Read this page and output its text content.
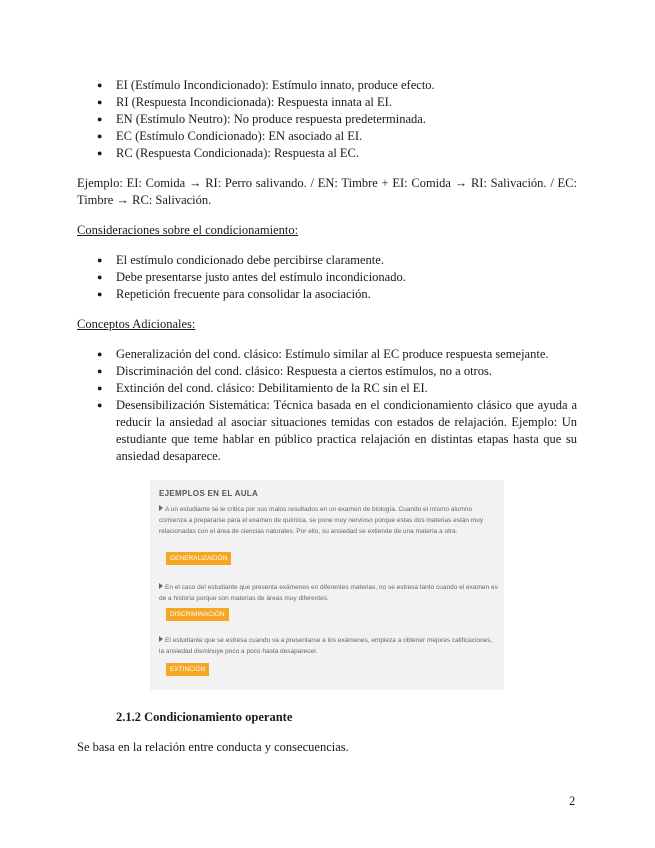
● EI (Estímulo Incondicionado): Estímulo innato, produce efecto.
● RI (Respuesta Incondicionada): Respuesta innata al EI.
● EN (Estímulo Neutro): No produce respuesta predeterminada.
● EC (Estímulo Condicionado): EN asociado al EI.
● RC (Respuesta Condicionada): Respuesta al EC.
Ejemplo: EI: Comida → RI: Perro salivando. / EN: Timbre + EI: Comida → RI: Salivación. / EC: Timbre → RC: Salivación.
Consideraciones sobre el condicionamiento:
● El estímulo condicionado debe percibirse claramente.
● Debe presentarse justo antes del estímulo incondicionado.
● Repetición frecuente para consolidar la asociación.
Conceptos Adicionales:
● Generalización del cond. clásico: Estímulo similar al EC produce respuesta semejante.
● Discriminación del cond. clásico: Respuesta a ciertos estímulos, no a otros.
● Extinción del cond. clásico: Debilitamiento de la RC sin el EI.
● Desensibilización Sistemática: Técnica basada en el condicionamiento clásico que ayuda a reducir la ansiedad al asociar situaciones temidas con estados de relajación. Ejemplo: Un estudiante que teme hablar en público practica relajación en distintas etapas hasta que su ansiedad desaparece.
EJEMPLOS EN EL AULA
A un estudiante se le critica por sus malos resultados en un examen de biología. Cuando el mismo alumno comienza a prepararse para el examen de química, se pone muy nervioso porque estas dos materias están muy relacionadas con el área de ciencias naturales. Por ello, su ansiedad se extiende de una materia a otra.
GENERALIZACIÓN
En el caso del estudiante que presenta exámenes en diferentes materias, no se estresa tanto cuando el examen es de a historia porque son materias de áreas muy diferentes.
DISCRIMINACIÓN
El estudiante que se estresa cuando va a presentarse a los exámenes, empieza a obtener mejores calificaciones, la ansiedad disminuye poco a poco hasta desaparecer.
EXTINCIÓN
2.1.2 Condicionamiento operante
Se basa en la relación entre conducta y consecuencias.
2
